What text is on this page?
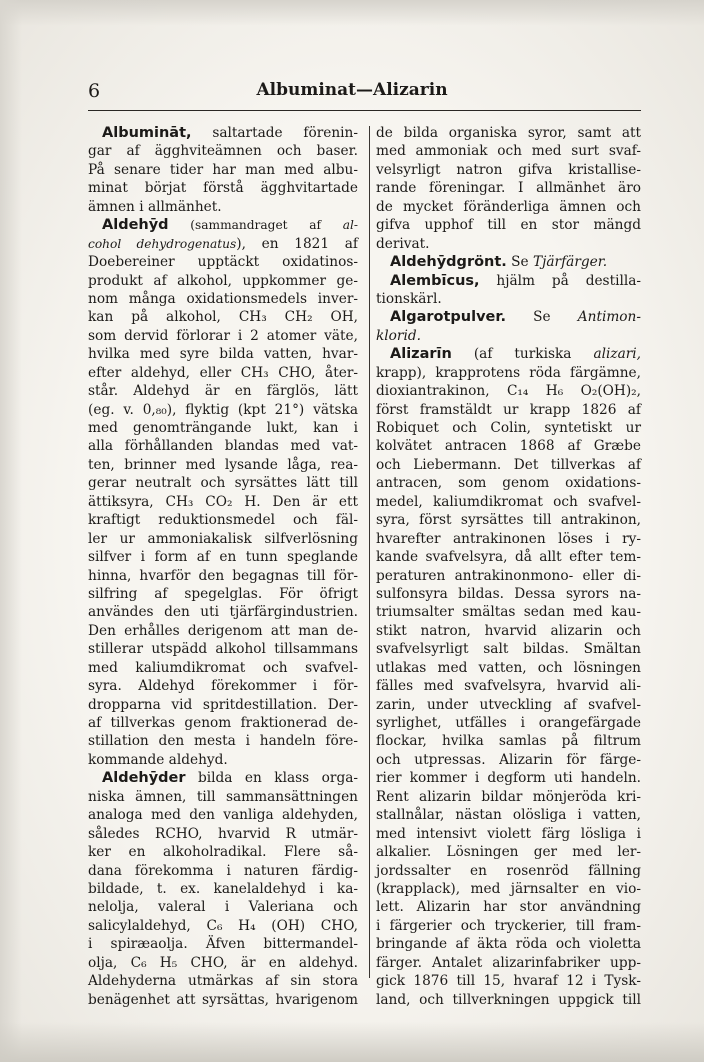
6	Albuminat—Alizarin
Albumināt, saltartade förenin-
gar af ägghviteämnen och baser.
På senare tider har man med albu-
minat börjat förstå ägghvitartade
ämnen i allmänhet.
Aldehȳd (sammandraget af al-
cohol dehydrogenatus), en 1821 af
Doebereiner upptäckt oxidatinos-
produkt af alkohol, uppkommer ge-
nom många oxidationsmedels inver-
kan på alkohol, CH₃ CH₂ OH,
som dervid förlorar i 2 atomer väte,
hvilka med syre bilda vatten, hvar-
efter aldehyd, eller CH₃ CHO, åter-
står. Aldehyd är en färglös, lätt
(eg. v. 0,₈₀), flyktig (kpt 21°) vätska
med genomträngande lukt, kan i
alla förhållanden blandas med vat-
ten, brinner med lysande låga, rea-
gerar neutralt och syrsättes lätt till
ättiksyra, CH₃ CO₂ H. Den är ett
kraftigt reduktionsmedel och fäl-
ler ur ammoniakalisk silfverlösning
silfver i form af en tunn speglande
hinna, hvarför den begagnas till för-
silfring af spegelglas. För öfrigt
användes den uti tjärfärgindustrien.
Den erhålles derigenom att man de-
stillerar utspädd alkohol tillsammans
med kaliumdikromat och svafvel-
syra. Aldehyd förekommer i för-
dropparna vid spritdestillation. Der-
af tillverkas genom fraktionerad de-
stillation den mesta i handeln före-
kommande aldehyd.
Aldehȳder bilda en klass orga-
niska ämnen, till sammansättningen
analoga med den vanliga aldehyden,
således RCHO, hvarvid R utmär-
ker en alkoholradikal. Flere så-
dana förekomma i naturen färdig-
bildade, t. ex. kanelaldehyd i ka-
nelolja, valeral i Valeriana och
salicylaldehyd, C₆ H₄ (OH) CHO,
i spiræaolja. Äfven bittermandel-
olja, C₆ H₅ CHO, är en aldehyd.
Aldehyderna utmärkas af sin stora
benägenhet att syrsättas, hvarigenom
de bilda organiska syror, samt att
med ammoniak och med surt svaf-
velsyrligt natron gifva kristallise-
rande föreningar. I allmänhet äro
de mycket föränderliga ämnen och
gifva upphof till en stor mängd
derivat.
Aldehȳdgrönt. Se Tjärfärger.
Alembīcus, hjälm på destilla-
tionskärl.
Algarotpulver. Se Antimon-
klorid.
Alizarīn (af turkiska alizari,
krapp), krapprotens röda färgämne,
dioxiantrakinon, C₁₄ H₆ O₂(OH)₂,
först framstäldt ur krapp 1826 af
Robiquet och Colin, syntetiskt ur
kolvätet antracen 1868 af Græbe
och Liebermann. Det tillverkas af
antracen, som genom oxidations-
medel, kaliumdikromat och svafvel-
syra, först syrsättes till antrakinon,
hvarefter antrakinonen löses i ry-
kande svafvelsyra, då allt efter tem-
peraturen antrakinonmono- eller di-
sulfonsyra bildas. Dessa syrors na-
triumsalter smältas sedan med kau-
stikt natron, hvarvid alizarin och
svafvelsyrligt salt bildas. Smältan
utlakas med vatten, och lösningen
fälles med svafvelsyra, hvarvid ali-
zarin, under utveckling af svafvel-
syrlighet, utfälles i orangefärgade
flockar, hvilka samlas på filtrum
och utpressas. Alizarin för färge-
rier kommer i degform uti handeln.
Rent alizarin bildar mönjeröda kri-
stallnålar, nästan olösliga i vatten,
med intensivt violett färg lösliga i
alkalier. Lösningen ger med ler-
jordssalter en rosenröd fällning
(krapplack), med järnsalter en vio-
lett. Alizarin har stor användning
i färgerier och tryckerier, till fram-
bringande af äkta röda och violetta
färger. Antalet alizarinfabriker upp-
gick 1876 till 15, hvaraf 12 i Tysk-
land, och tillverkningen uppgick till
